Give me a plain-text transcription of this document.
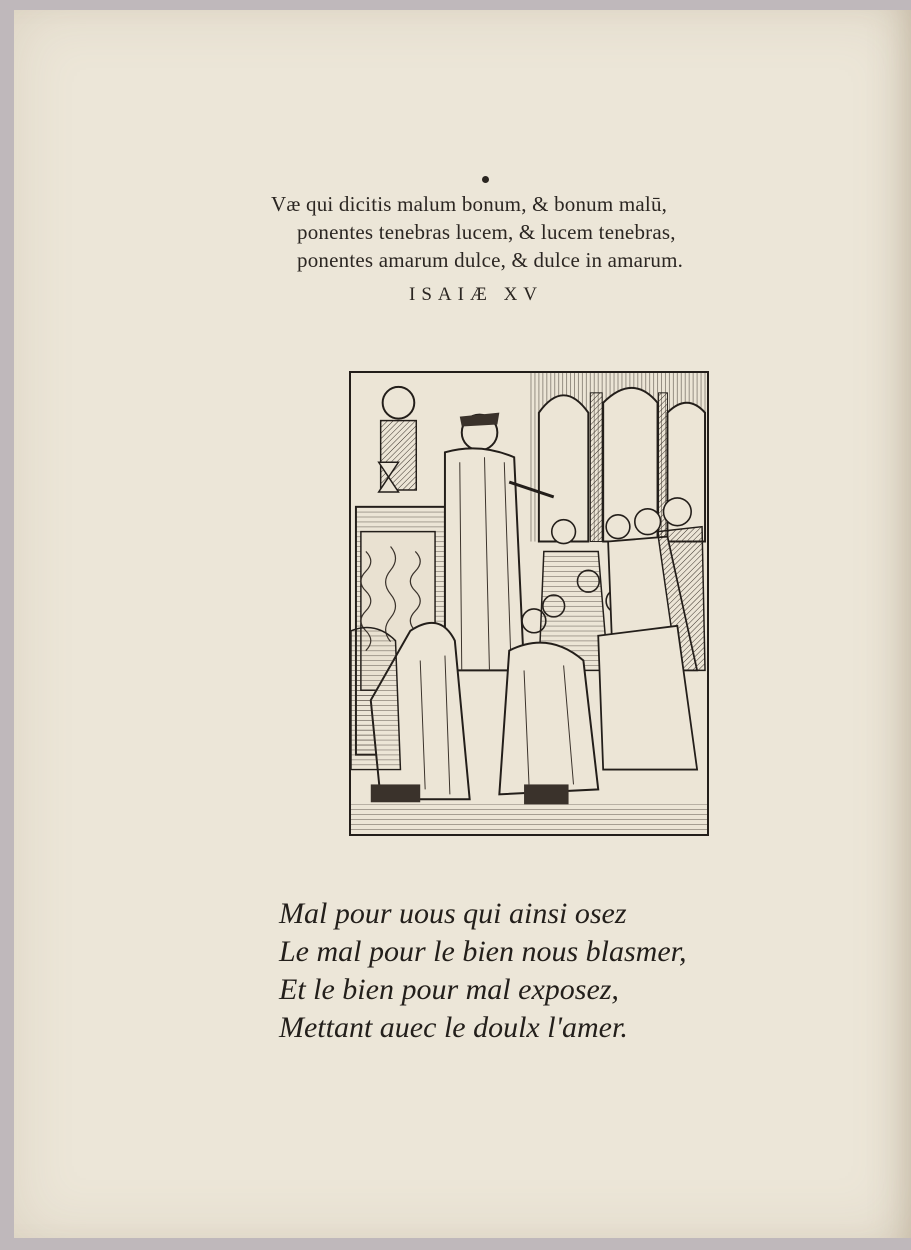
Væ qui dicitis malum bonum, & bonum malū,
ponentes tenebras lucem, & lucem tenebras,
ponentes amarum dulce, & dulce in amarum.
ISAIÆ XV
Mal pour uous qui ainsi osez
Le mal pour le bien nous blasmer,
Et le bien pour mal exposez,
Mettant auec le doulx l'amer.
